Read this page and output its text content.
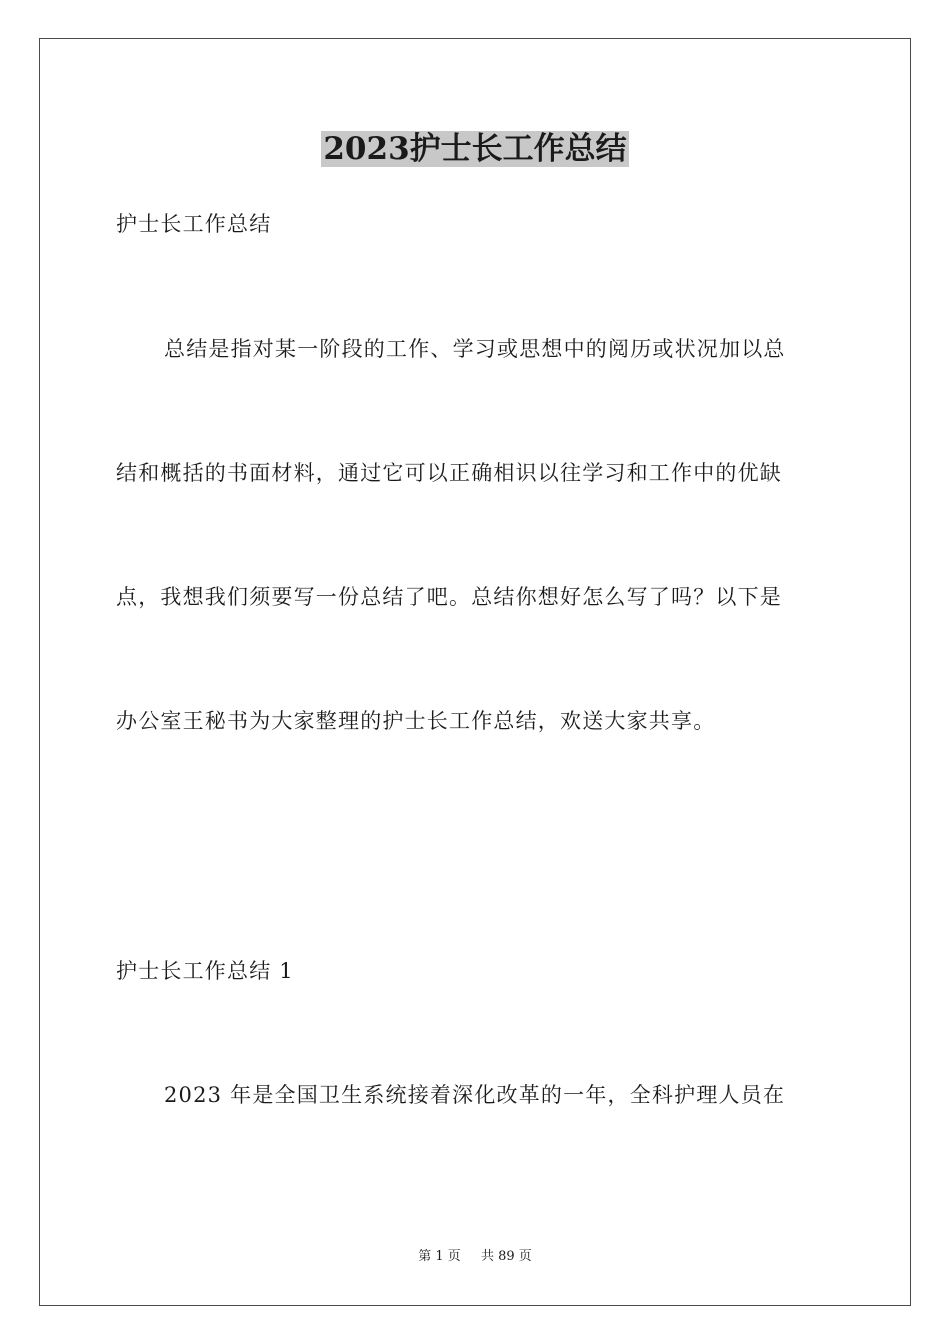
2023护士长工作总结

护士长工作总结

总结是指对某一阶段的工作、学习或思想中的阅历或状况加以总

结和概括的书面材料，通过它可以正确相识以往学习和工作中的优缺

点，我想我们须要写一份总结了吧。总结你想好怎么写了吗？以下是

办公室王秘书为大家整理的护士长工作总结，欢送大家共享。

护士长工作总结 1

2023 年是全国卫生系统接着深化改革的一年，全科护理人员在

第 1 页 共 89 页
